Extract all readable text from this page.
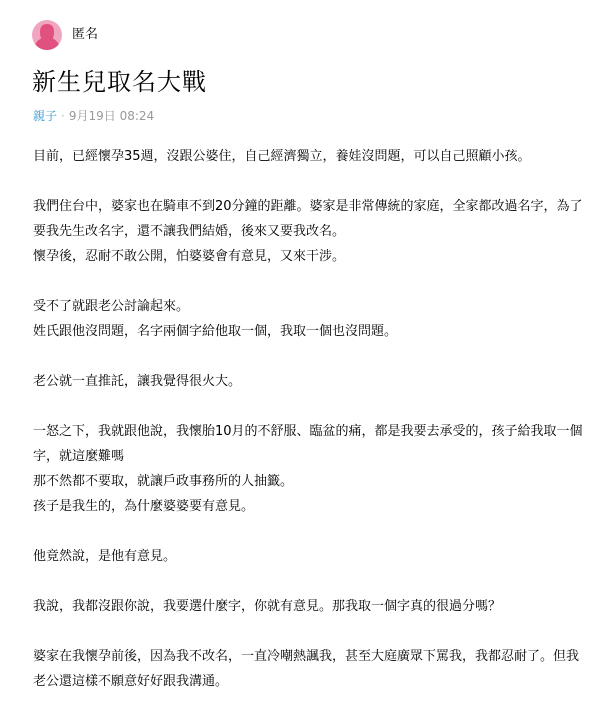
匿名
新生兒取名大戰
親子 · 9月19日 08:24

目前，已經懷孕35週，沒跟公婆住，自己經濟獨立，養娃沒問題，可以自己照顧小孩。

我們住台中，婆家也在騎車不到20分鐘的距離。婆家是非常傳統的家庭，全家都改過名字，為了要我先生改名字，還不讓我們結婚，後來又要我改名。
懷孕後，忍耐不敢公開，怕婆婆會有意見，又來干涉。

受不了就跟老公討論起來。
姓氏跟他沒問題，名字兩個字給他取一個，我取一個也沒問題。

老公就一直推託，讓我覺得很火大。

一怒之下，我就跟他說，我懷胎10月的不舒服、臨盆的痛，都是我要去承受的，孩子給我取一個字，就這麼難嗎
那不然都不要取，就讓戶政事務所的人抽籤。
孩子是我生的，為什麼婆婆要有意見。

他竟然說，是他有意見。

我說，我都沒跟你說，我要選什麼字，你就有意見。那我取一個字真的很過分嗎？

婆家在我懷孕前後，因為我不改名，一直冷嘲熱諷我，甚至大庭廣眾下罵我，我都忍耐了。但我老公還這樣不願意好好跟我溝通。
